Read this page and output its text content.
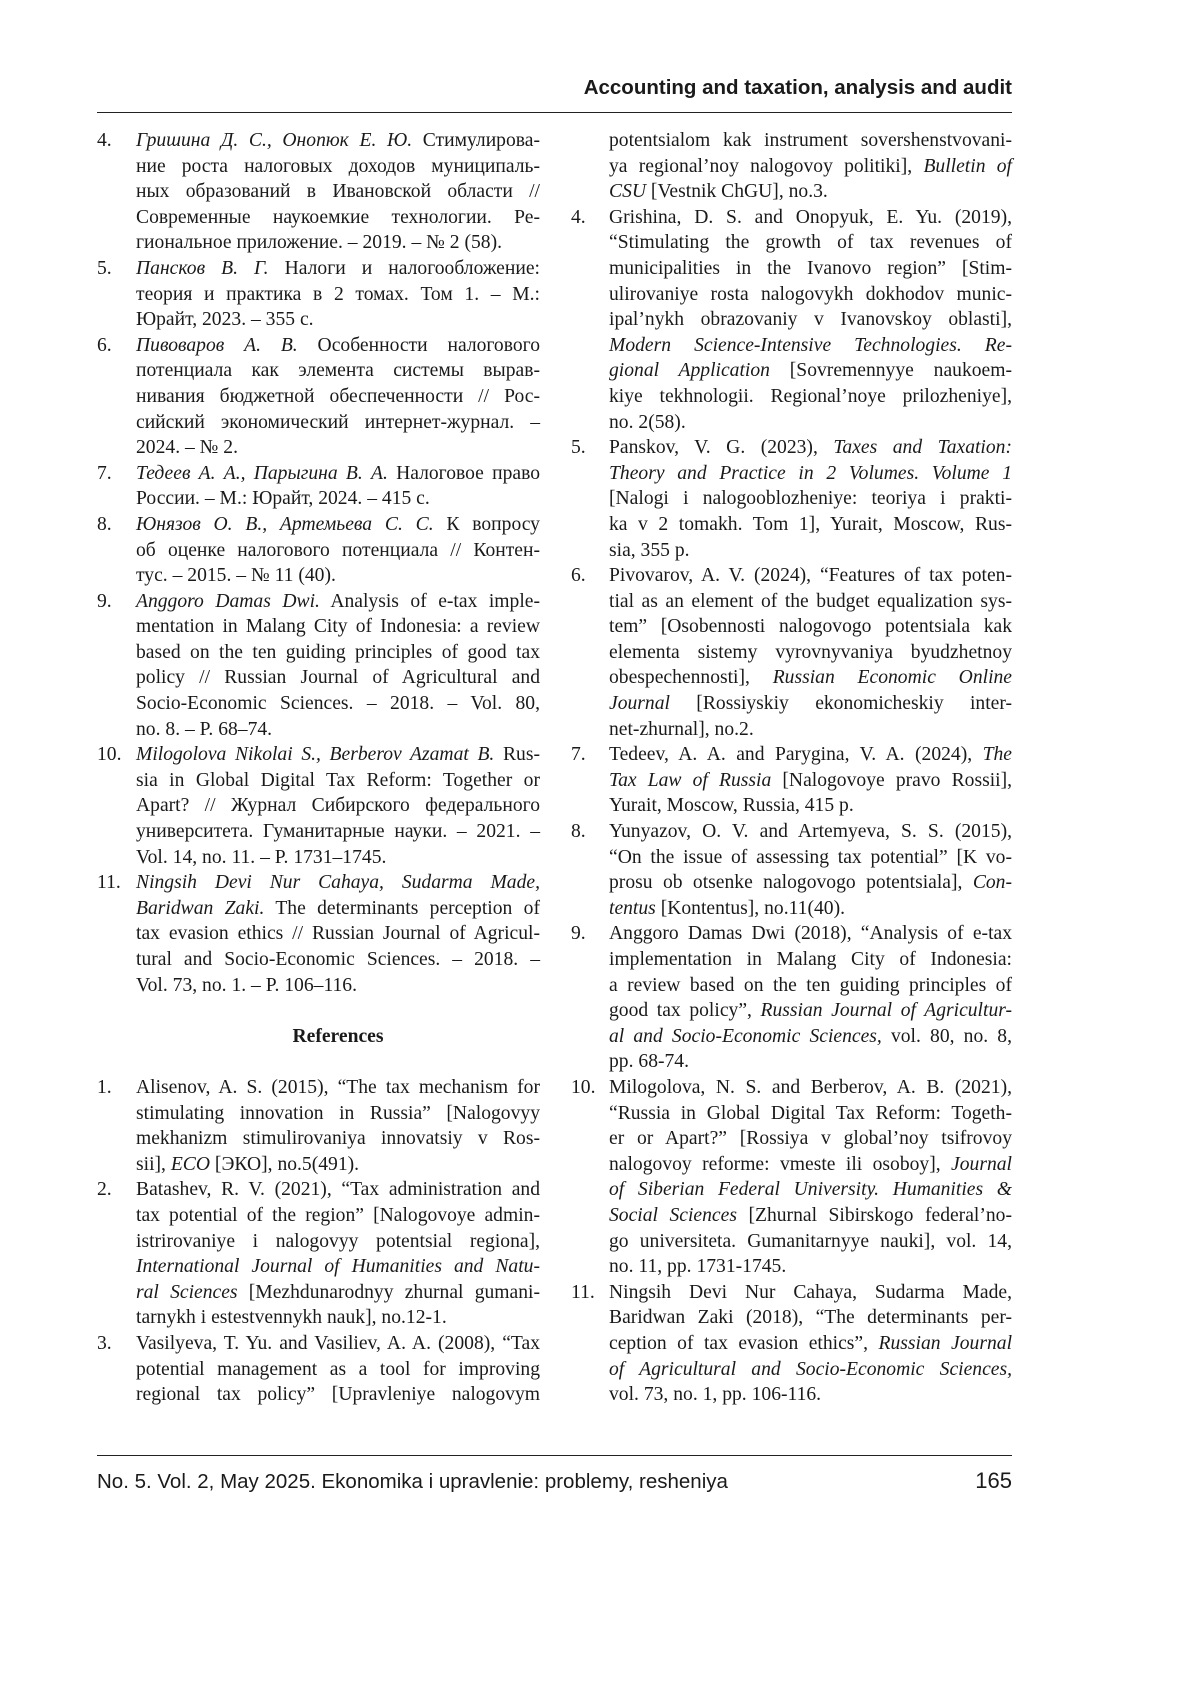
Accounting and taxation, analysis and audit
4. Гришина Д. С., Онопюк Е. Ю. Стимулирова-
ние роста налоговых доходов муниципаль-
ных образований в Ивановской области //
Современные наукоемкие технологии. Ре-
гиональное приложение. – 2019. – № 2 (58).
5. Пансков В. Г. Налоги и налогообложение:
теория и практика в 2 томах. Том 1. – М.:
Юрайт, 2023. – 355 с.
6. Пивоваров А. В. Особенности налогового
потенциала как элемента системы вырав-
нивания бюджетной обеспеченности // Рос-
сийский экономический интернет-журнал. –
2024. – № 2.
7. Тедеев А. А., Парыгина В. А. Налоговое право
России. – М.: Юрайт, 2024. – 415 с.
8. Юнязов О. В., Артемьева С. С. К вопросу
об оценке налогового потенциала // Контен-
тус. – 2015. – № 11 (40).
9. Anggoro Damas Dwi. Analysis of e-tax imple-
mentation in Malang City of Indonesia: a review
based on the ten guiding principles of good tax
policy // Russian Journal of Agricultural and
Socio-Economic Sciences. – 2018. – Vol. 80,
no. 8. – P. 68–74.
10. Milogolova Nikolai S., Berberov Azamat B. Rus-
sia in Global Digital Tax Reform: Together or
Apart? // Журнал Сибирского федерального
университета. Гуманитарные науки. – 2021. –
Vol. 14, no. 11. – P. 1731–1745.
11. Ningsih Devi Nur Cahaya, Sudarma Made,
Baridwan Zaki. The determinants perception of
tax evasion ethics // Russian Journal of Agricul-
tural and Socio-Economic Sciences. – 2018. –
Vol. 73, no. 1. – P. 106–116.
References
1. Alisenov, A. S. (2015), “The tax mechanism for
stimulating innovation in Russia” [Nalogovyy
mekhanizm stimulirovaniya innovatsiy v Ros-
sii], ECO [ЭКО], no.5(491).
2. Batashev, R. V. (2021), “Tax administration and
tax potential of the region” [Nalogovoye admin-
istrirovaniye i nalogovyy potentsial regiona],
International Journal of Humanities and Natu-
ral Sciences [Mezhdunarodnyy zhurnal gumani-
tarnykh i estestvennykh nauk], no.12-1.
3. Vasilyeva, T. Yu. and Vasiliev, A. A. (2008), “Tax
potential management as a tool for improving
regional tax policy” [Upravleniye nalogovym
potentsialom kak instrument sovershenstvovani-
ya regional’noy nalogovoy politiki], Bulletin of
CSU [Vestnik ChGU], no.3.
4. Grishina, D. S. and Onopyuk, E. Yu. (2019),
“Stimulating the growth of tax revenues of
municipalities in the Ivanovo region” [Stim-
ulirovaniye rosta nalogovykh dokhodov munic-
ipal’nykh obrazovaniy v Ivanovskoy oblasti],
Modern Science-Intensive Technologies. Re-
gional Application [Sovremennyye naukoem-
kiye tekhnologii. Regional’noye prilozheniye],
no. 2(58).
5. Panskov, V. G. (2023), Taxes and Taxation:
Theory and Practice in 2 Volumes. Volume 1
[Nalogi i nalogooblozheniye: teoriya i prakti-
ka v 2 tomakh. Tom 1], Yurait, Moscow, Rus-
sia, 355 p.
6. Pivovarov, A. V. (2024), “Features of tax poten-
tial as an element of the budget equalization sys-
tem” [Osobennosti nalogovogo potentsiala kak
elementa sistemy vyrovnyvaniya byudzhetnoy
obespechennosti], Russian Economic Online
Journal [Rossiyskiy ekonomicheskiy inter-
net-zhurnal], no.2.
7. Tedeev, A. A. and Parygina, V. A. (2024), The
Tax Law of Russia [Nalogovoye pravo Rossii],
Yurait, Moscow, Russia, 415 p.
8. Yunyazov, O. V. and Artemyeva, S. S. (2015),
“On the issue of assessing tax potential” [K vo-
prosu ob otsenke nalogovogo potentsiala], Con-
tentus [Kontentus], no.11(40).
9. Anggoro Damas Dwi (2018), “Analysis of e-tax
implementation in Malang City of Indonesia:
a review based on the ten guiding principles of
good tax policy”, Russian Journal of Agricultur-
al and Socio-Economic Sciences, vol. 80, no. 8,
pp. 68-74.
10. Milogolova, N. S. and Berberov, A. B. (2021),
“Russia in Global Digital Tax Reform: Togeth-
er or Apart?” [Rossiya v global’noy tsifrovoy
nalogovoy reforme: vmeste ili osoboy], Journal
of Siberian Federal University. Humanities &
Social Sciences [Zhurnal Sibirskogo federal’no-
go universiteta. Gumanitarnyye nauki], vol. 14,
no. 11, pp. 1731-1745.
11. Ningsih Devi Nur Cahaya, Sudarma Made,
Baridwan Zaki (2018), “The determinants per-
ception of tax evasion ethics”, Russian Journal
of Agricultural and Socio-Economic Sciences,
vol. 73, no. 1, pp. 106-116.
No. 5. Vol. 2, May 2025. Ekonomika i upravlenie: problemy, resheniya	165
